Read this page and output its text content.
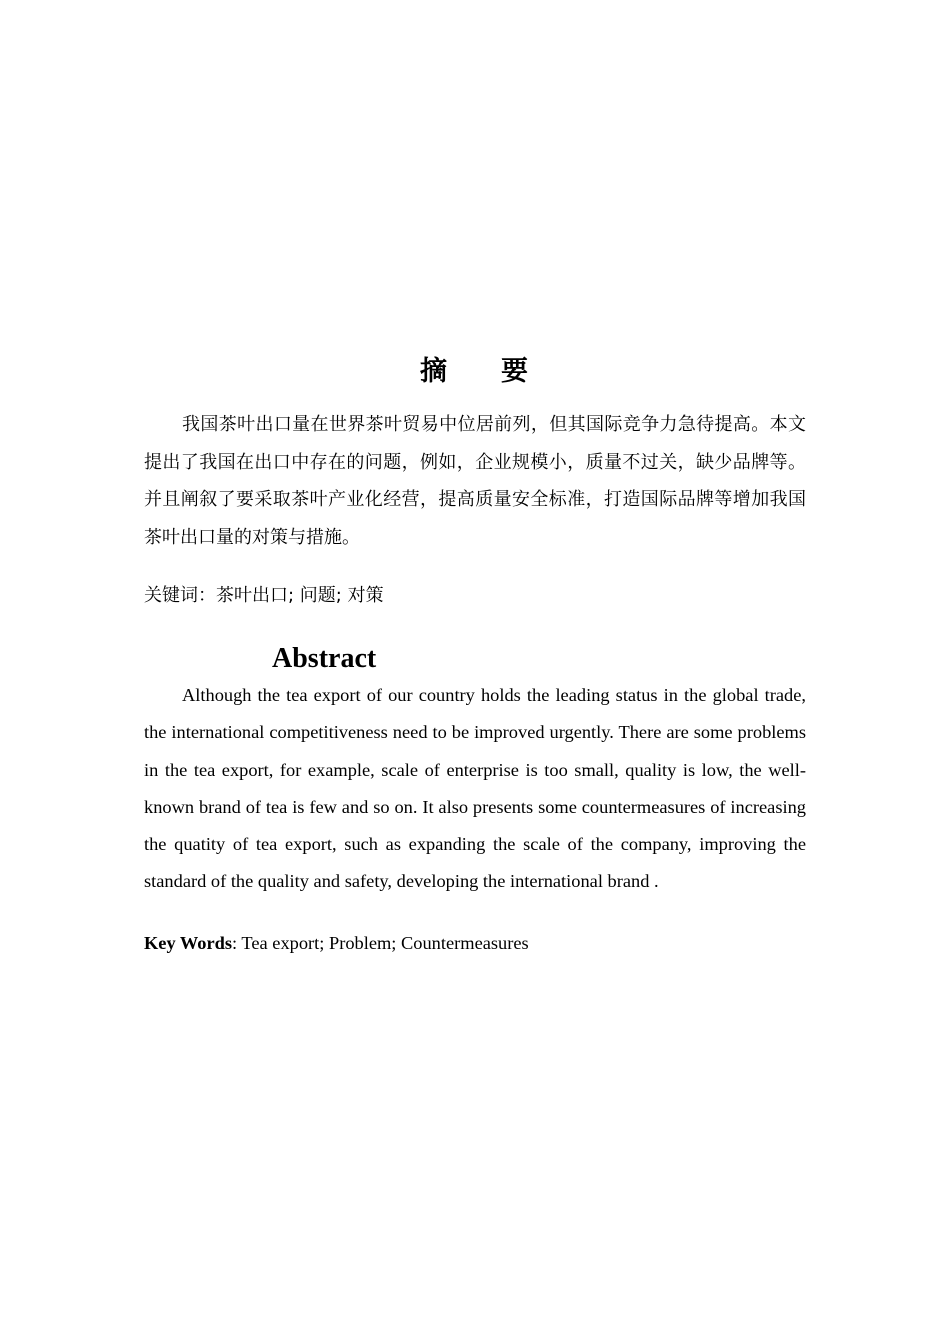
摘 要

我国茶叶出口量在世界茶叶贸易中位居前列，但其国际竞争力急待提高。本文提出了我国在出口中存在的问题，例如，企业规模小，质量不过关，缺少品牌等。并且阐叙了要采取茶叶产业化经营，提高质量安全标准，打造国际品牌等增加我国茶叶出口量的对策与措施。

关键词：茶叶出口; 问题; 对策
Abstract

Although the tea export of our country holds the leading status in the global trade, the international competitiveness need to be improved urgently. There are some problems in the tea export, for example, scale of enterprise is too small, quality is low, the well-known brand of tea is few and so on. It also presents some countermeasures of increasing the quatity of tea export, such as expanding the scale of the company, improving the standard of the quality and safety, developing the international brand .

Key Words: Tea export; Problem; Countermeasures
